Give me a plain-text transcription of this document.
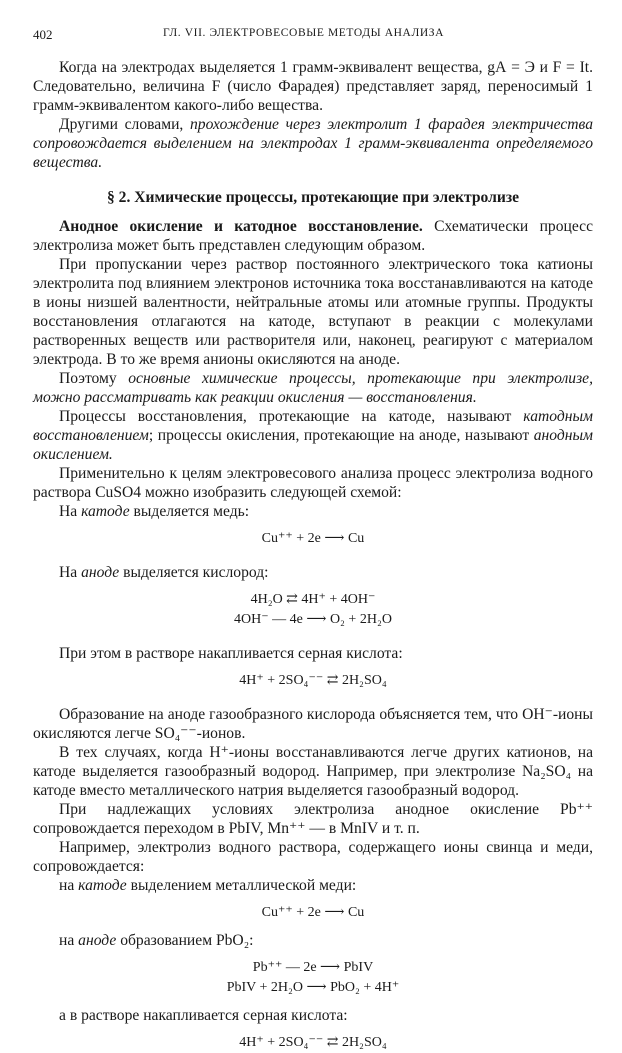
402	ГЛ. VII. ЭЛЕКТРОВЕСОВЫЕ МЕТОДЫ АНАЛИЗА

Когда на электродах выделяется 1 грамм-эквивалент вещества, gА = Э и F = It. Следовательно, величина F (число Фарадея) представляет заряд, переносимый 1 грамм-эквивалентом какого-либо вещества.

Другими словами, прохождение через электролит 1 фарадея электричества сопровождается выделением на электродах 1 грамм-эквивалента определяемого вещества.

§ 2. Химические процессы, протекающие при электролизе

Анодное окисление и катодное восстановление. Схематически процесс электролиза может быть представлен следующим образом.

При пропускании через раствор постоянного электрического тока катионы электролита под влиянием электронов источника тока восстанавливаются на катоде в ионы низшей валентности, нейтральные атомы или атомные группы. Продукты восстановления отлагаются на катоде, вступают в реакции с молекулами растворенных веществ или растворителя или, наконец, реагируют с материалом электрода. В то же время анионы окисляются на аноде.

Поэтому основные химические процессы, протекающие при электролизе, можно рассматривать как реакции окисления — восстановления.

Процессы восстановления, протекающие на катоде, называют катодным восстановлением; процессы окисления, протекающие на аноде, называют анодным окислением.

Применительно к целям электровесового анализа процесс электролиза водного раствора CuSO4 можно изобразить следующей схемой:

На катоде выделяется медь:

Cu⁺⁺ + 2e ⟶ Cu

На аноде выделяется кислород:

4H₂O ⇄ 4H⁺ + 4OH⁻
4OH⁻ — 4e ⟶ O₂ + 2H₂O

При этом в растворе накапливается серная кислота:

4H⁺ + 2SO₄⁻⁻ ⇄ 2H₂SO₄

Образование на аноде газообразного кислорода объясняется тем, что OH⁻-ионы окисляются легче SO₄⁻⁻-ионов.

В тех случаях, когда H⁺-ионы восстанавливаются легче других катионов, на катоде выделяется газообразный водород. Например, при электролизе Na₂SO₄ на катоде вместо металлического натрия выделяется газообразный водород.

При надлежащих условиях электролиза анодное окисление Pb⁺⁺ сопровождается переходом в PbIV, Mn⁺⁺ — в MnIV и т. п.

Например, электролиз водного раствора, содержащего ионы свинца и меди, сопровождается:

на катоде выделением металлической меди:

Cu⁺⁺ + 2e ⟶ Cu

на аноде образованием PbO₂:

Pb⁺⁺ — 2e ⟶ PbIV
PbIV + 2H₂O ⟶ PbO₂ + 4H⁺

а в растворе накапливается серная кислота:

4H⁺ + 2SO₄⁻⁻ ⇄ 2H₂SO₄
